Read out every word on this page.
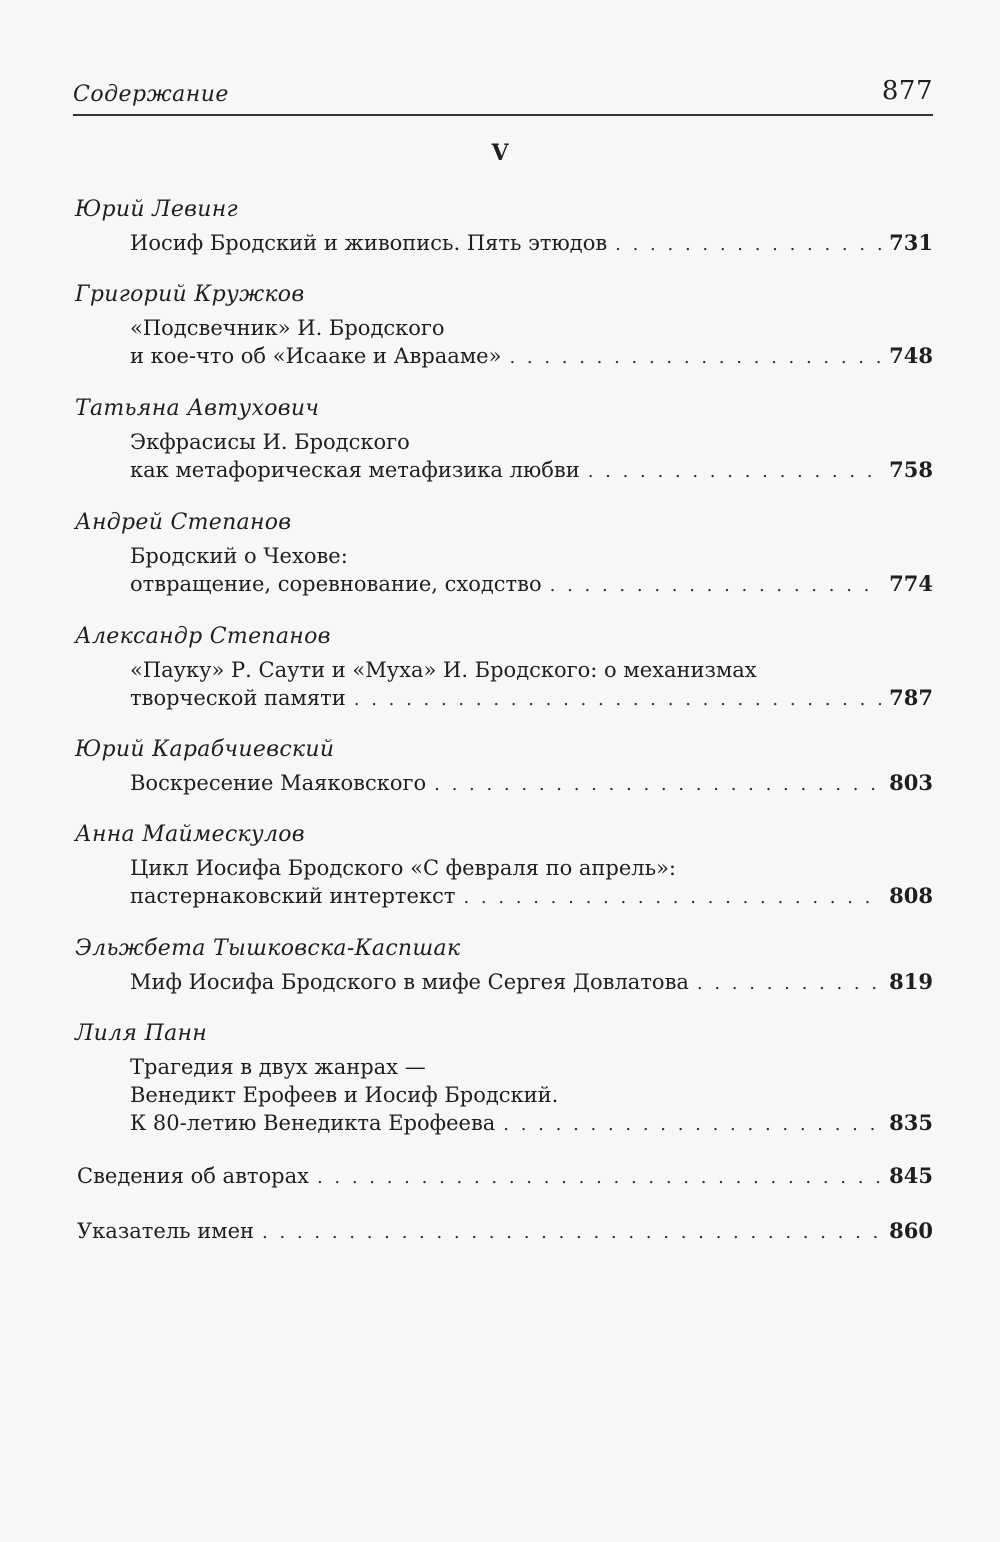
Содержание	877
V
Юрий Левинг
Иосиф Бродский и живопись. Пять этюдов . . .	731
Григорий Кружков
«Подсвечник» И. Бродского
и кое-что об «Исааке и Аврааме» . . .	748
Татьяна Автухович
Экфрасисы И. Бродского
как метафорическая метафизика любви . . .	758
Андрей Степанов
Бродский о Чехове:
отвращение, соревнование, сходство . . .	774
Александр Степанов
«Пауку» Р. Саути и «Муха» И. Бродского: о механизмах
творческой памяти . . .	787
Юрий Карабчиевский
Воскресение Маяковского . . .	803
Анна Маймескулов
Цикл Иосифа Бродского «С февраля по апрель»:
пастернаковский интертекст . . .	808
Эльжбета Тышковска-Каспшак
Миф Иосифа Бродского в мифе Сергея Довлатова . . .	819
Лиля Панн
Трагедия в двух жанрах —
Венедикт Ерофеев и Иосиф Бродский.
К 80-летию Венедикта Ерофеева . . .	835
Сведения об авторах . . .	845
Указатель имен . . .	860
